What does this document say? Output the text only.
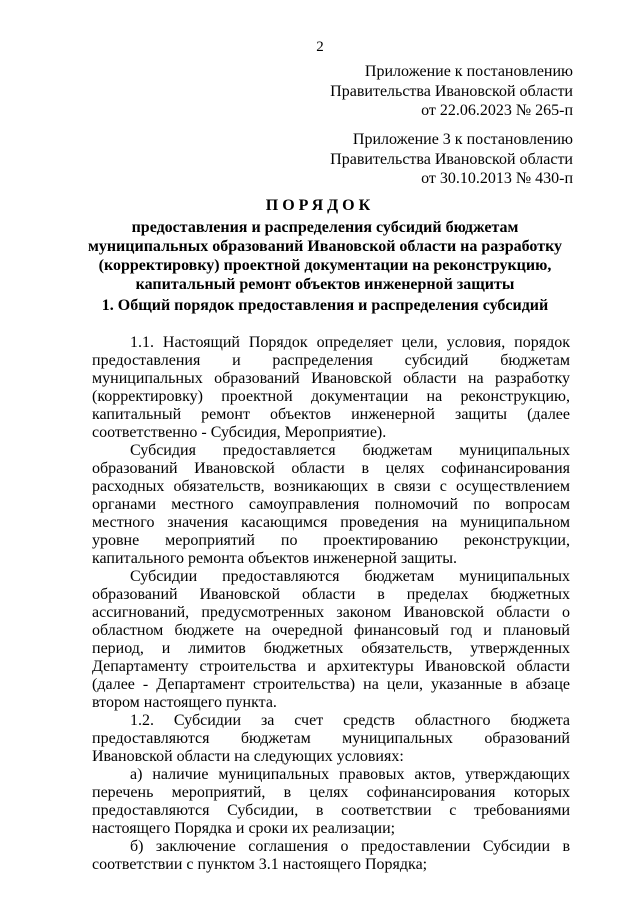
2
Приложение к постановлению
Правительства Ивановской области
от 22.06.2023 № 265-п
Приложение 3 к постановлению
Правительства Ивановской области
от 30.10.2013 № 430-п
ПОРЯДОК
предоставления и распределения субсидий бюджетам
муниципальных образований Ивановской области на разработку
(корректировку) проектной документации на реконструкцию,
капитальный ремонт объектов инженерной защиты
1. Общий порядок предоставления и распределения субсидий

1.1. Настоящий Порядок определяет цели, условия, порядок предоставления и распределения субсидий бюджетам муниципальных образований Ивановской области на разработку (корректировку) проектной документации на реконструкцию, капитальный ремонт объектов инженерной защиты (далее соответственно - Субсидия, Мероприятие).

Субсидия предоставляется бюджетам муниципальных образований Ивановской области в целях софинансирования расходных обязательств, возникающих в связи с осуществлением органами местного самоуправления полномочий по вопросам местного значения касающимся проведения на муниципальном уровне мероприятий по проектированию реконструкции, капитального ремонта объектов инженерной защиты.

Субсидии предоставляются бюджетам муниципальных образований Ивановской области в пределах бюджетных ассигнований, предусмотренных законом Ивановской области о областном бюджете на очередной финансовый год и плановый период, и лимитов бюджетных обязательств, утвержденных Департаменту строительства и архитектуры Ивановской области (далее - Департамент строительства) на цели, указанные в абзаце втором настоящего пункта.

1.2. Субсидии за счет средств областного бюджета предоставляются бюджетам муниципальных образований Ивановской области на следующих условиях:

а) наличие муниципальных правовых актов, утверждающих перечень мероприятий, в целях софинансирования которых предоставляются Субсидии, в соответствии с требованиями настоящего Порядка и сроки их реализации;

б) заключение соглашения о предоставлении Субсидии в соответствии с пунктом 3.1 настоящего Порядка;
